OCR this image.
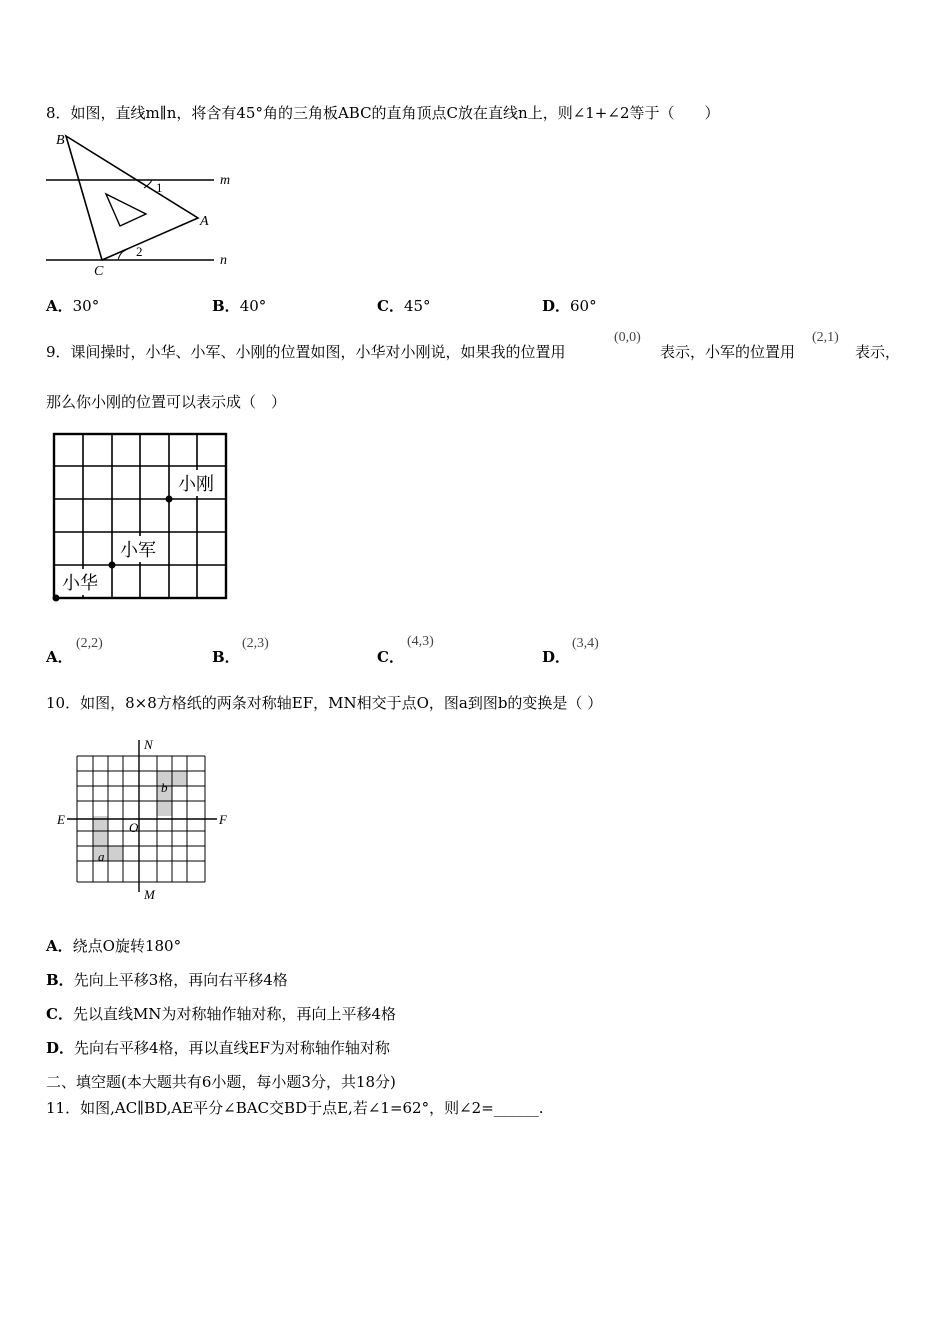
8．如图，直线m∥n，将含有45°角的三角板ABC的直角顶点C放在直线n上，则∠1+∠2等于（　　）
B
m
1
A
2
C
n
A．30°	B．40°	C．45°	D．60°
9．课间操时，小华、小军、小刚的位置如图，小华对小刚说，如果我的位置用
(0,0)
表示，小军的位置用
(2,1)
表示，
那么你小刚的位置可以表示成（　）
小刚
小军
小华
A．
(2,2)
B．
(2,3)
C．
(4,3)
D．
(3,4)
10．如图，8×8方格纸的两条对称轴EF，MN相交于点O，图a到图b的变换是（ ）
N
b
E	F
O
a
M
A．绕点O旋转180°
B．先向上平移3格，再向右平移4格
C．先以直线MN为对称轴作轴对称，再向上平移4格
D．先向右平移4格，再以直线EF为对称轴作轴对称
二、填空题(本大题共有6小题，每小题3分，共18分)
11．如图,AC∥BD,AE平分∠BAC交BD于点E,若∠1=62°，则∠2=______.
